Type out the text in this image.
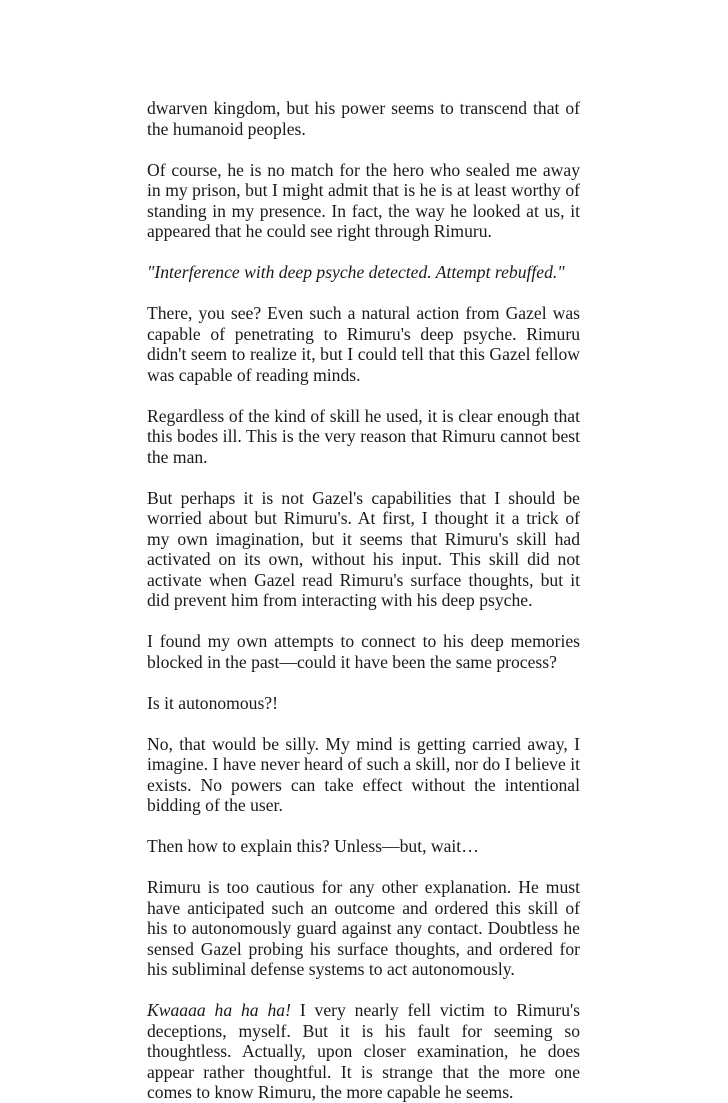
dwarven kingdom, but his power seems to transcend that of the humanoid peoples.

Of course, he is no match for the hero who sealed me away in my prison, but I might admit that is he is at least worthy of standing in my presence. In fact, the way he looked at us, it appeared that he could see right through Rimuru.

"Interference with deep psyche detected. Attempt rebuffed."

There, you see? Even such a natural action from Gazel was capable of penetrating to Rimuru's deep psyche. Rimuru didn't seem to realize it, but I could tell that this Gazel fellow was capable of reading minds.

Regardless of the kind of skill he used, it is clear enough that this bodes ill. This is the very reason that Rimuru cannot best the man.

But perhaps it is not Gazel's capabilities that I should be worried about but Rimuru's. At first, I thought it a trick of my own imagination, but it seems that Rimuru's skill had activated on its own, without his input. This skill did not activate when Gazel read Rimuru's surface thoughts, but it did prevent him from interacting with his deep psyche.

I found my own attempts to connect to his deep memories blocked in the past—could it have been the same process?

Is it autonomous?!

No, that would be silly. My mind is getting carried away, I imagine. I have never heard of such a skill, nor do I believe it exists. No powers can take effect without the intentional bidding of the user.

Then how to explain this? Unless—but, wait…

Rimuru is too cautious for any other explanation. He must have anticipated such an outcome and ordered this skill of his to autonomously guard against any contact. Doubtless he sensed Gazel probing his surface thoughts, and ordered for his subliminal defense systems to act autonomously.

Kwaaaa ha ha ha! I very nearly fell victim to Rimuru's deceptions, myself. But it is his fault for seeming so thoughtless. Actually, upon closer examination, he does appear rather thoughtful. It is strange that the more one comes to know Rimuru, the more capable he seems.
